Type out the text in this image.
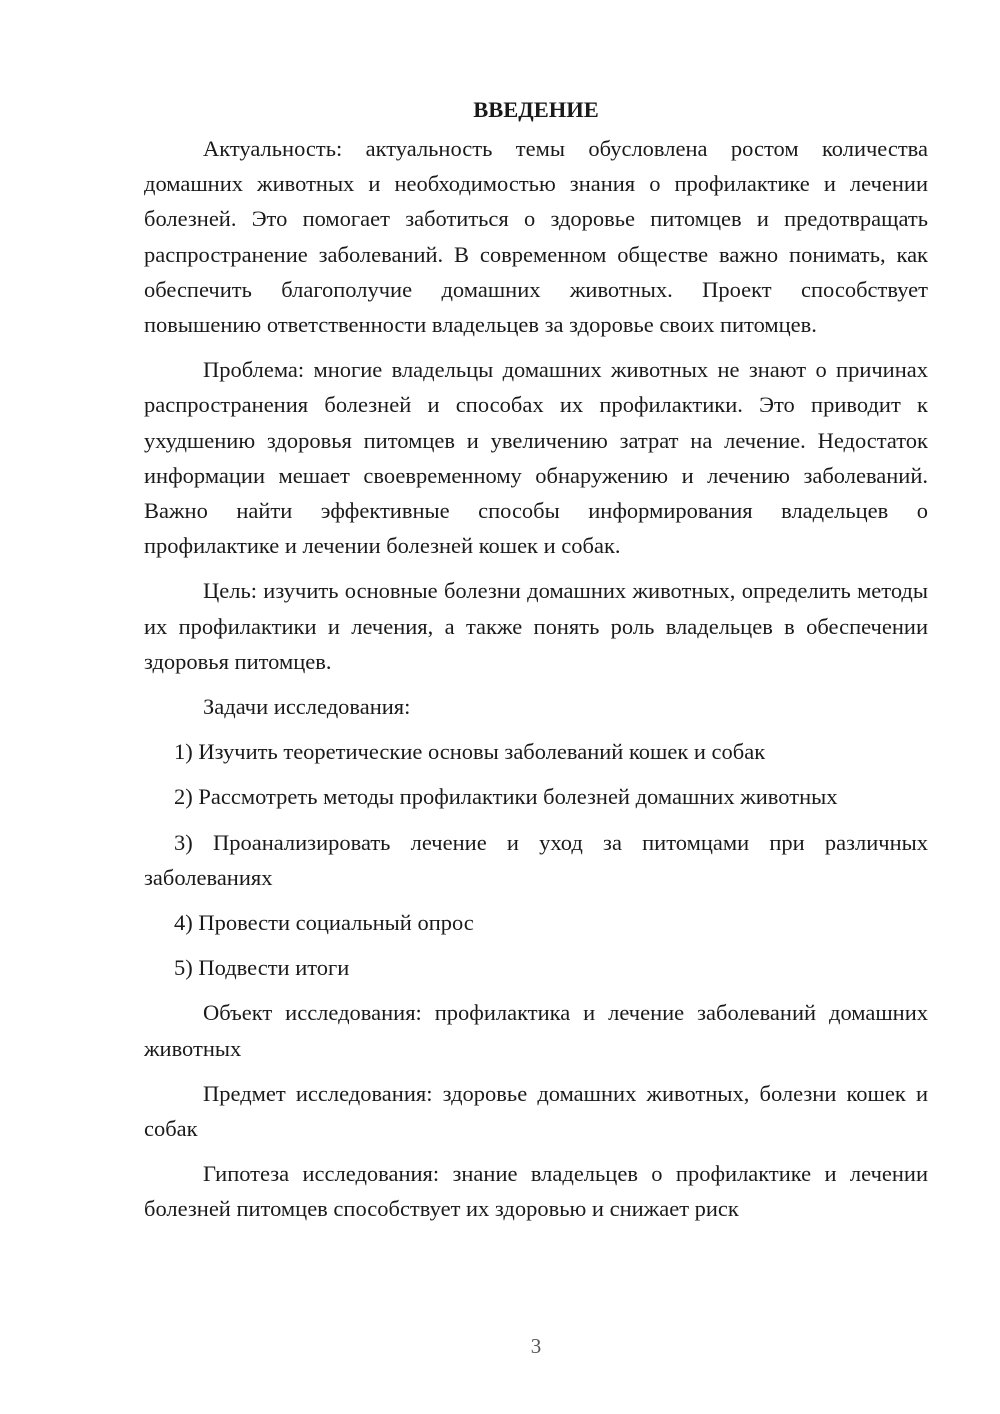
ВВЕДЕНИЕ

Актуальность: актуальность темы обусловлена ростом количества домашних животных и необходимостью знания о профилактике и лечении болезней. Это помогает заботиться о здоровье питомцев и предотвращать распространение заболеваний. В современном обществе важно понимать, как обеспечить благополучие домашних животных. Проект способствует повышению ответственности владельцев за здоровье своих питомцев.

Проблема: многие владельцы домашних животных не знают о причинах распространения болезней и способах их профилактики. Это приводит к ухудшению здоровья питомцев и увеличению затрат на лечение. Недостаток информации мешает своевременному обнаружению и лечению заболеваний. Важно найти эффективные способы информирования владельцев о профилактике и лечении болезней кошек и собак.

Цель: изучить основные болезни домашних животных, определить методы их профилактики и лечения, а также понять роль владельцев в обеспечении здоровья питомцев.

Задачи исследования:

1) Изучить теоретические основы заболеваний кошек и собак

2) Рассмотреть методы профилактики болезней домашних животных

3) Проанализировать лечение и уход за питомцами при различных заболеваниях

4) Провести социальный опрос

5) Подвести итоги

Объект исследования: профилактика и лечение заболеваний домашних животных

Предмет исследования: здоровье домашних животных, болезни кошек и собак

Гипотеза исследования: знание владельцев о профилактике и лечении болезней питомцев способствует их здоровью и снижает риск

3
